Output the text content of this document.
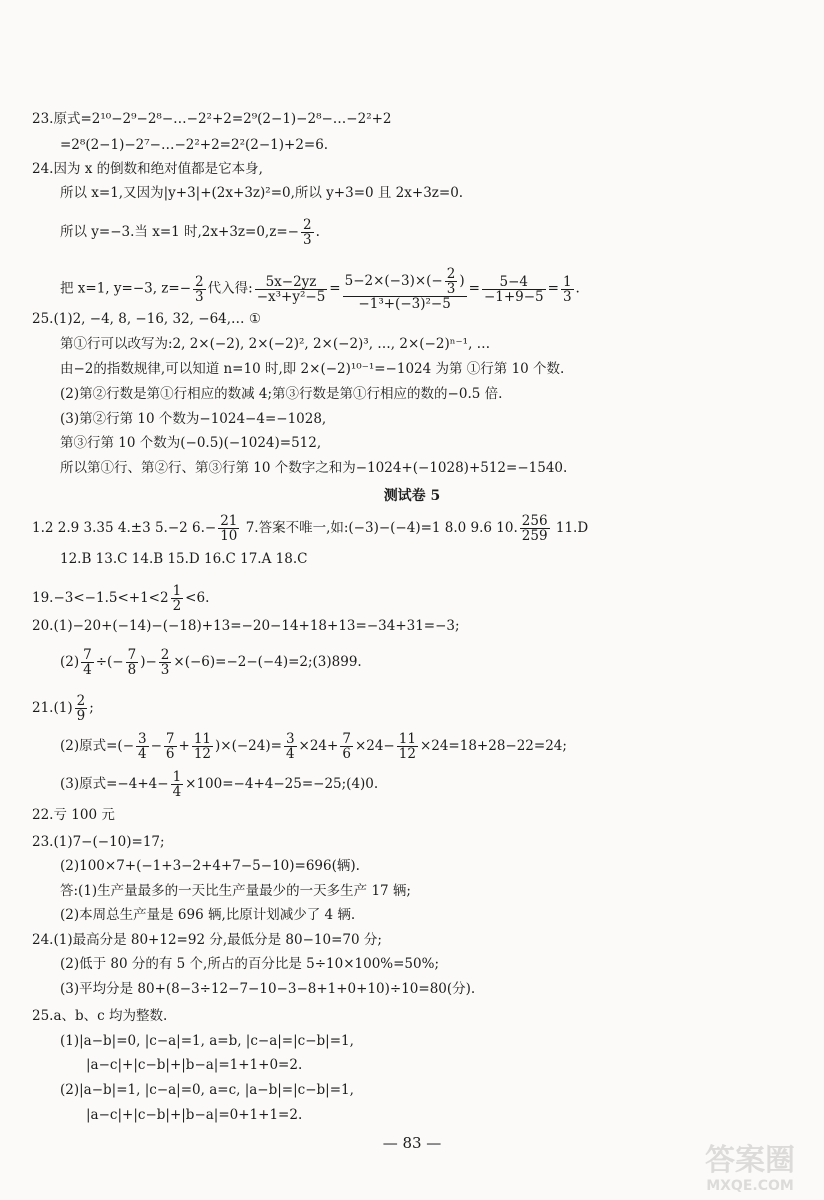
23.原式=2¹⁰−2⁹−2⁸−…−2²+2=2⁹(2−1)−2⁸−…−2²+2
=2⁸(2−1)−2⁷−…−2²+2=2²(2−1)+2=6.
24.因为 x 的倒数和绝对值都是它本身,
所以 x=1,又因为|y+3|+(2x+3z)²=0,所以 y+3=0 且 2x+3z=0.
所以 y=−3.当 x=1 时$,2x+3z=0,z=- \frac{2}{3}$ .
把 x=1, y=−3, $z=- \frac{2}{3}$ 代入得: $\frac{5x-2yz}{\text{−x³+y²−5}} = \frac{5-2\times(-3)\times(- \frac{2}{3} )}{\text{−1³+(−3)²−5}} = \frac{5-4}{-1+9-5} = \frac{1}{3}$ .
25.(1)2, −4, 8, −16, 32, −64,… ①
第①行可以改写为:2, 2×(−2), 2×(−2)², 2×(−2)³, …, 2×(−2)ⁿ⁻¹, …
由−2的指数规律,可以知道 n=10 时,即 2×(−2)¹⁰⁻¹=−1024 为第 ①行第 10 个数.
(2)第②行数是第①行相应的数减 4;第③行数是第①行相应的数的−0.5 倍.
(3)第②行第 10 个数为−1024−4=−1028,
第③行第 10 个数为(−0.5)(−1024)=512,
所以第①行、第②行、第③行第 10 个数字之和为−1024+(−1028)+512=−1540.
测试卷 5
1.2 2.9 3.35 4.±3 5.−2 $6.- \frac{21}{10} 7$.答案不唯一,如:(−3)−(−4)=1 8.0 9.6 10. $\frac{256}{259} 11.D$
12.B 13.C 14.B 15.D 16.C 17.A 18.C
$19.-3<-1.5<+1<2 \frac{1}{2} <6$.
20.(1)−20+(−14)−(−18)+13=−20−14+18+13=−34+31=−3;
$(2) \frac{7}{4}$ ÷(− $\frac{7}{8}$ )− $\frac{2}{3}$ ×(−6)=−2−(−4)=2;(3)899.
$21.(1) \frac{2}{9}$ ;
(2)原式=(− $\frac{3}{4} - \frac{7}{6} + \frac{11}{12} )\times(-24)= \frac{3}{4} \times 24+ \frac{7}{6} \times 24- \frac{11}{12} \times 24=18+28-22=24$;
(3)原式$=-4+4- \frac{1}{4}$ ×100=−4+4−25=−25;(4)0.
22.亏 100 元
23.(1)7−(−10)=17;
(2)100×7+(−1+3−2+4+7−5−10)=696(辆).
答:(1)生产量最多的一天比生产量最少的一天多生产 17 辆;
(2)本周总生产量是 696 辆,比原计划减少了 4 辆.
24.(1)最高分是 80+12=92 分,最低分是 80−10=70 分;
(2)低于 80 分的有 5 个,所占的百分比是 5÷10×100%=50%;
(3)平均分是 80+(8−3÷12−7−10−3−8+1+0+10)÷10=80(分).
25.a、b、c 均为整数.
(1)|a−b|=0, |c−a|=1, a=b, |c−a|=|c−b|=1,
|a−c|+|c−b|+|b−a|=1+1+0=2.
(2)|a−b|=1, |c−a|=0, a=c, |a−b|=|c−b|=1,
|a−c|+|c−b|+|b−a|=0+1+1=2.
— 83 —	答案圈
MXQE.COM
